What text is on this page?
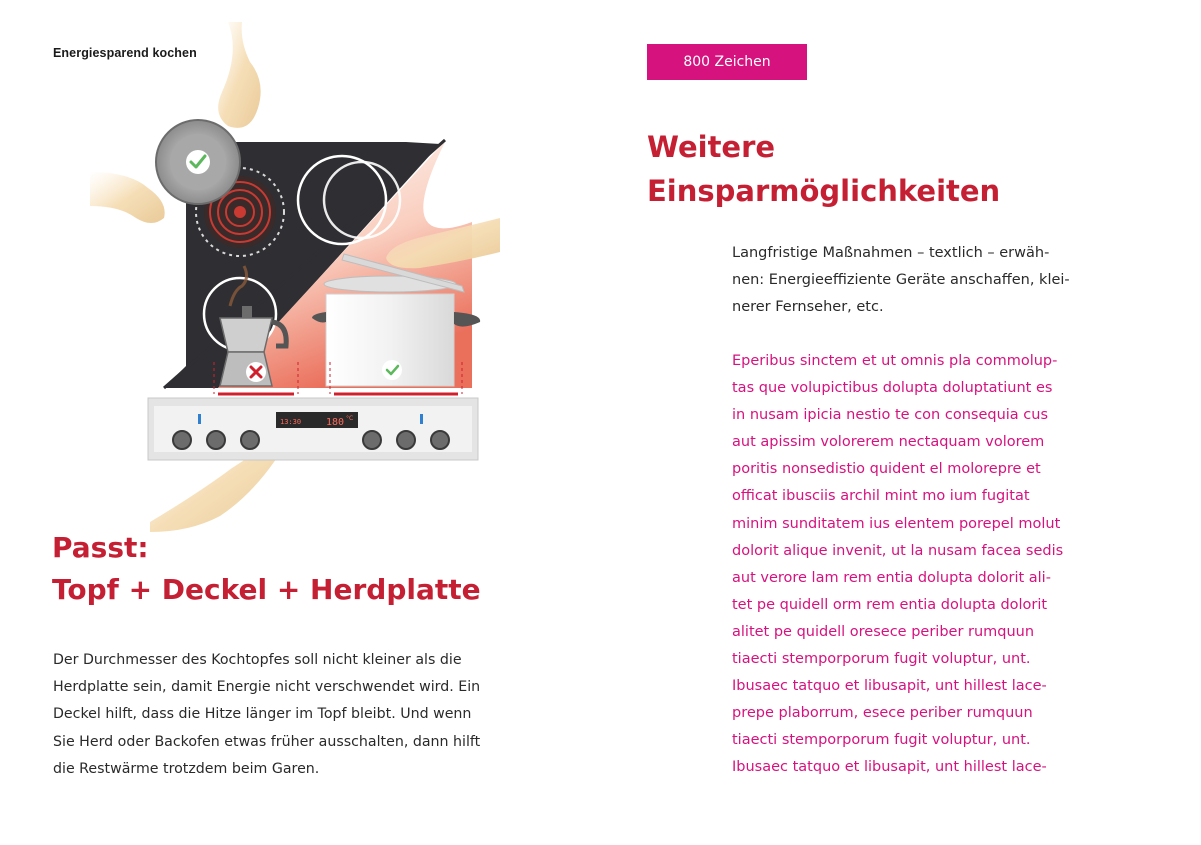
Energiesparend kochen
13:30 180 °C
Passt:
Topf + Deckel + Herdplatte
Der Durchmesser des Kochtopfes soll nicht kleiner als die
Herdplatte sein, damit Energie nicht verschwendet wird. Ein
Deckel hilft, dass die Hitze länger im Topf bleibt. Und wenn
Sie Herd oder Backofen etwas früher ausschalten, dann hilft
die Restwärme trotzdem beim Garen.
800 Zeichen
Weitere
Einsparmöglichkeiten
Langfristige Maßnahmen – textlich – erwäh-
nen: Energieeffiziente Geräte anschaffen, klei-
nerer Fernseher, etc.
Eperibus sinctem et ut omnis pla commolup-
tas que volupictibus dolupta doluptatiunt es
in nusam ipicia nestio te con consequia cus
aut apissim volorerem nectaquam volorem
poritis nonsedistio quident el molorepre et
officat ibusciis archil mint mo ium fugitat
minim sunditatem ius elentem porepel molut
dolorit alique invenit, ut la nusam facea sedis
aut verore lam rem entia dolupta dolorit ali-
tet pe quidell orm rem entia dolupta dolorit
alitet pe quidell oresece periber rumquun
tiaecti stemporporum fugit voluptur, unt.
Ibusaec tatquo et libusapit, unt hillest lace-
prepe plaborrum, esece periber rumquun
tiaecti stemporporum fugit voluptur, unt.
Ibusaec tatquo et libusapit, unt hillest lace-
